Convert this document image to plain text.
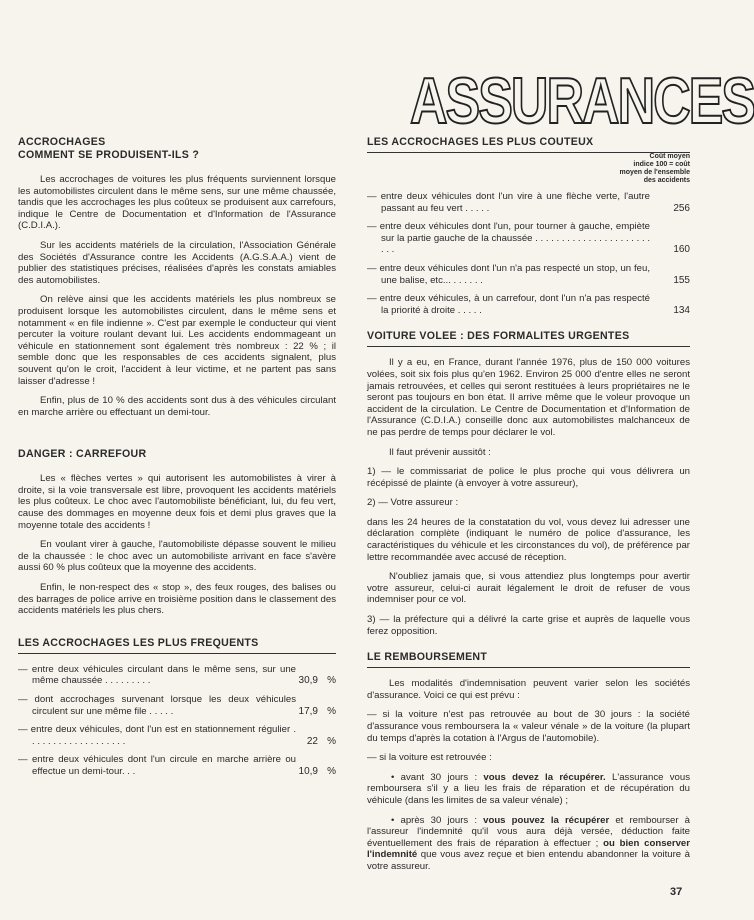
ASSURANCES
ACCROCHAGES
COMMENT SE PRODUISENT-ILS ?

Les accrochages de voitures les plus fréquents surviennent lorsque les automobilistes circulent dans le même sens, sur une même chaussée, tandis que les accrochages les plus coûteux se produisent aux carrefours, indique le Centre de Documentation et d'Information de l'Assurance (C.D.I.A.).

Sur les accidents matériels de la circulation, l'Association Générale des Sociétés d'Assurance contre les Accidents (A.G.S.A.A.) vient de publier des statistiques précises, réalisées d'après les constats amiables des automobilistes.

On relève ainsi que les accidents matériels les plus nombreux se produisent lorsque les automobilistes circulent, dans le même sens et notamment « en file indienne ». C'est par exemple le conducteur qui vient percuter la voiture roulant devant lui. Les accidents endommageant un véhicule en stationnement sont également très nombreux : 22 % ; il semble donc que les responsables de ces accidents signalent, plus souvent qu'on le croit, l'accident à leur victime, et ne partent pas sans laisser d'adresse !

Enfin, plus de 10 % des accidents sont dus à des véhicules circulant en marche arrière ou effectuant un demi-tour.

DANGER : CARREFOUR

Les « flèches vertes » qui autorisent les automobilistes à virer à droite, si la voie transversale est libre, provoquent les accidents matériels les plus coûteux. Le choc avec l'automobiliste bénéficiant, lui, du feu vert, cause des dommages en moyenne deux fois et demi plus graves que la moyenne totale des accidents !

En voulant virer à gauche, l'automobiliste dépasse souvent le milieu de la chaussée : le choc avec un automobiliste arrivant en face s'avère aussi 60 % plus coûteux que la moyenne des accidents.

Enfin, le non-respect des « stop », des feux rouges, des balises ou des barrages de police arrive en troisième position dans le classement des accidents matériels les plus chers.

LES ACCROCHAGES LES PLUS FREQUENTS
— entre deux véhicules circulant dans le même sens, sur une même chaussée . . . . . . . . .	30,9 %
— dont accrochages survenant lorsque les deux véhicules circulent sur une même file . . . . .	17,9 %
— entre deux véhicules, dont l'un est en stationnement régulier . . . . . . . . . . . . . . . . . . .	22 %
— entre deux véhicules dont l'un circule en marche arrière ou effectue un demi-tour. . .	10,9 %
LES ACCROCHAGES LES PLUS COUTEUX
Coût moyen
indice 100 = coût
moyen de l'ensemble
des accidents
— entre deux véhicules dont l'un vire à une flèche verte, l'autre passant au feu vert . . . . .	256
— entre deux véhicules dont l'un, pour tourner à gauche, empiète sur la partie gauche de la chaussée . . . . . . . . . . . . . . . . . . . . . . . . .	160
— entre deux véhicules dont l'un n'a pas respecté un stop, un feu, une balise, etc... . . . . . .	155
— entre deux véhicules, à un carrefour, dont l'un n'a pas respecté la priorité à droite . . . . .	134
VOITURE VOLEE : DES FORMALITES URGENTES

Il y a eu, en France, durant l'année 1976, plus de 150 000 voitures volées, soit six fois plus qu'en 1962. Environ 25 000 d'entre elles ne seront jamais retrouvées, et celles qui seront restituées à leurs propriétaires ne le seront pas toujours en bon état. Il arrive même que le voleur provoque un accident de la circulation. Le Centre de Documentation et d'Information de l'Assurance (C.D.I.A.) conseille donc aux automobilistes malchanceux de ne pas perdre de temps pour déclarer le vol.

Il faut prévenir aussitôt :

1) — le commissariat de police le plus proche qui vous délivrera un récépissé de plainte (à envoyer à votre assureur),

2) — Votre assureur :

dans les 24 heures de la constatation du vol, vous devez lui adresser une déclaration complète (indiquant le numéro de police d'assurance, les caractéristiques du véhicule et les circonstances du vol), de préférence par lettre recommandée avec accusé de réception.

N'oubliez jamais que, si vous attendiez plus longtemps pour avertir votre assureur, celui-ci aurait légalement le droit de refuser de vous indemniser pour ce vol.

3) — la préfecture qui a délivré la carte grise et auprès de laquelle vous ferez opposition.

LE REMBOURSEMENT

Les modalités d'indemnisation peuvent varier selon les sociétés d'assurance. Voici ce qui est prévu :

— si la voiture n'est pas retrouvée au bout de 30 jours : la société d'assurance vous remboursera la « valeur vénale » de la voiture (la plupart du temps d'après la cotation à l'Argus de l'automobile).

— si la voiture est retrouvée :

• avant 30 jours : vous devez la récupérer. L'assurance vous remboursera s'il y a lieu les frais de réparation et de récupération du véhicule (dans les limites de sa valeur vénale) ;

• après 30 jours : vous pouvez la récupérer et rembourser à l'assureur l'indemnité qu'il vous aura déjà versée, déduction faite éventuellement des frais de réparation à effectuer ; ou bien conserver l'indemnité que vous avez reçue et bien entendu abandonner la voiture à votre assureur.

37
